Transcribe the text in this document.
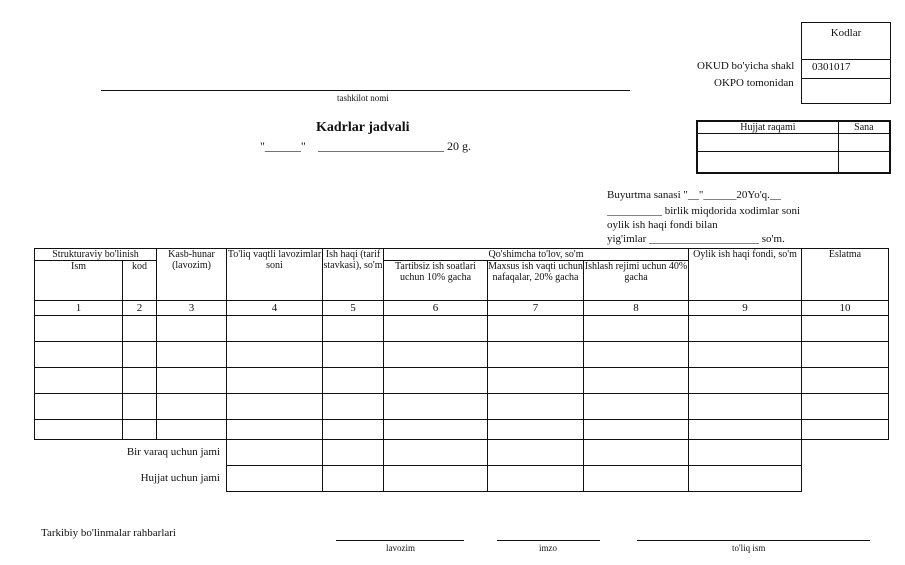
tashkilot nomi
Kodlar
0301017
OKUD bo'yicha shakl
OKPO tomonidan
Hujjat raqami	Sana

Kadrlar jadvali
"______" _____________________ 20 g.
Buyurtma sanasi "__"______20Yo'q.__
__________ birlik miqdorida xodimlar soni
oylik ish haqi fondi bilan
yig'imlar ____________________ so'm.
Strukturaviy bo'linish		Kasb-hunar (lavozim)	To'liq vaqtli lavozimlar soni	Ish haqi (tarif stavkasi), so'm	Qo'shimcha to'lov, so'm			Oylik ish haqi fondi, so'm	Eslatma
Ism	kod				Tartibsiz ish soatlari uchun 10% gacha	Maxsus ish vaqti uchun nafaqalar, 20% gacha	Ishlash rejimi uchun 40% gacha		
1	2	3	4	5	6	7	8	9	10

Bir varaq uchun jami									
Hujjat uchun jami									
Tarkibiy bo'linmalar rahbarlari
lavozim	imzo	to'liq ism
